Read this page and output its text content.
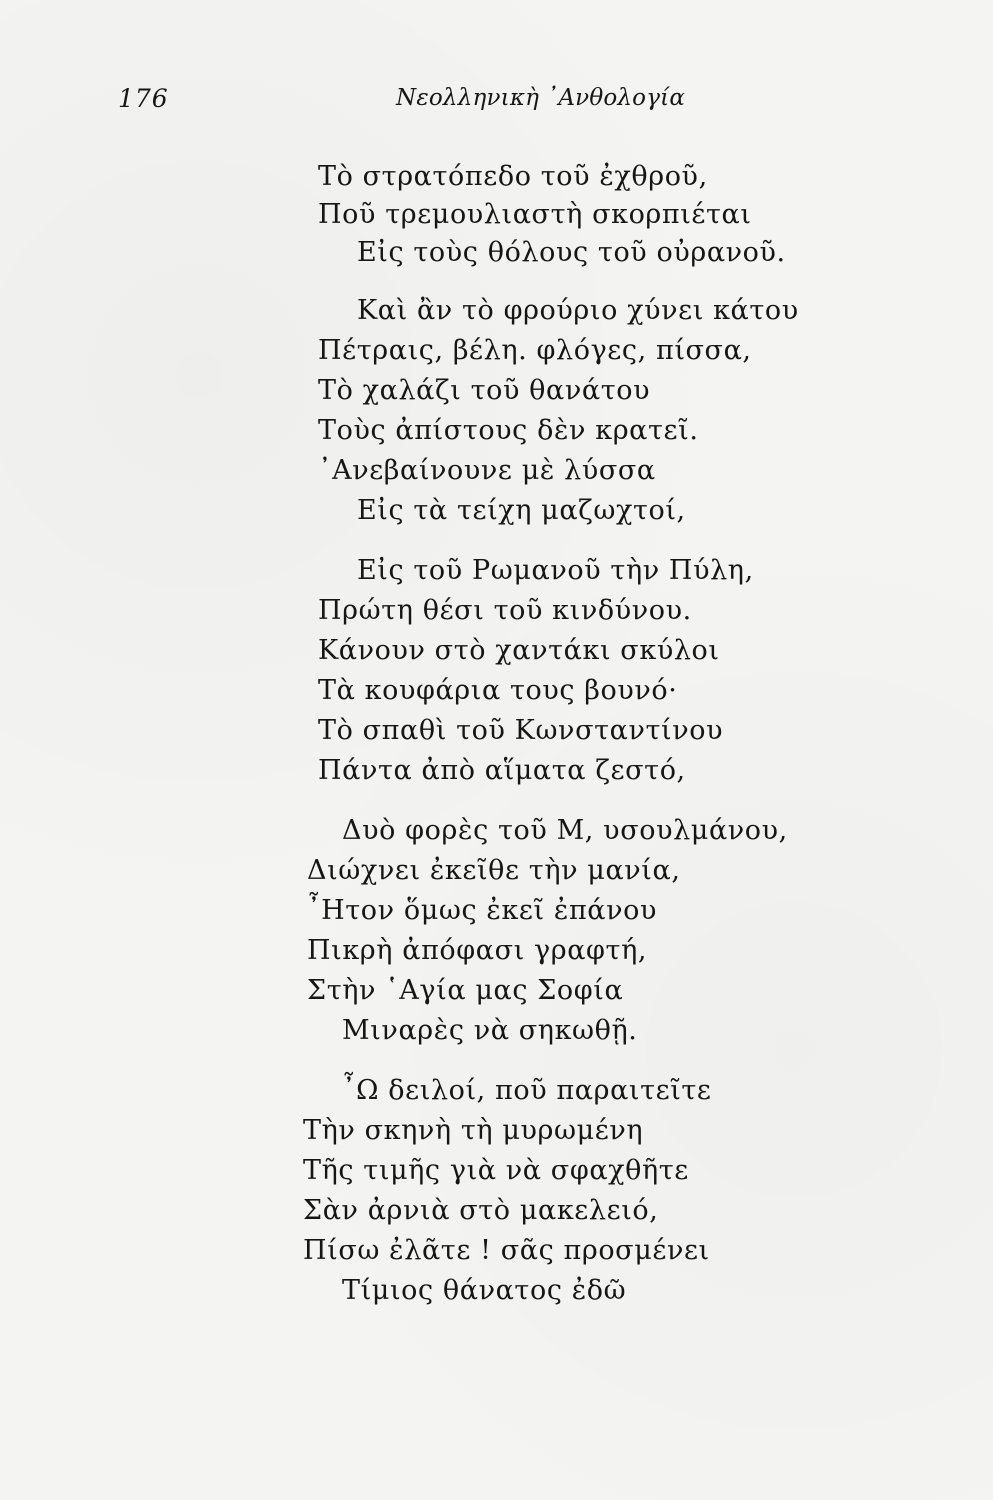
176	Νεολληνικὴ ᾿Ανθολογία
Τὸ στρατόπεδο τοῦ ἐχθροῦ,
Ποῦ τρεμουλιαστὴ σκορπιέται
Εἰς τοὺς θόλους τοῦ οὐρανοῦ.
Καὶ ἂν τὸ φρούριο χύνει κάτου
Πέτραις, βέλη. φλόγες, πίσσα,
Τὸ χαλάζι τοῦ θανάτου
Τοὺς ἀπίστους δὲν κρατεῖ.
᾿Ανεβαίνουνε μὲ λύσσα
Εἰς τὰ τείχη μαζωχτοί,
Εἰς τοῦ Ρωμανοῦ τὴν Πύλη,
Πρώτη θέσι τοῦ κινδύνου.
Κάνουν στὸ χαντάκι σκύλοι
Τὰ κουφάρια τους βουνό·
Τὸ σπαθὶ τοῦ Κωνσταντίνου
Πάντα ἀπὸ αἵματα ζεστό,
Δυὸ φορὲς τοῦ Μ, υσουλμάνου,
Διώχνει ἐκεῖθε τὴν μανία,
῏Ητον ὅμως ἐκεῖ ἐπάνου
Πικρὴ ἀπόφασι γραφτή,
Στὴν ῾Αγία μας Σοφία
Μιναρὲς νὰ σηκωθῇ.
῏Ω δειλοί, ποῦ παραιτεῖτε
Τὴν σκηνὴ τὴ μυρωμένη
Τῆς τιμῆς γιὰ νὰ σφαχθῆτε
Σὰν ἀρνιὰ στὸ μακελειό,
Πίσω ἐλᾶτε ! σᾶς προσμένει
Τίμιος θάνατος ἐδῶ
